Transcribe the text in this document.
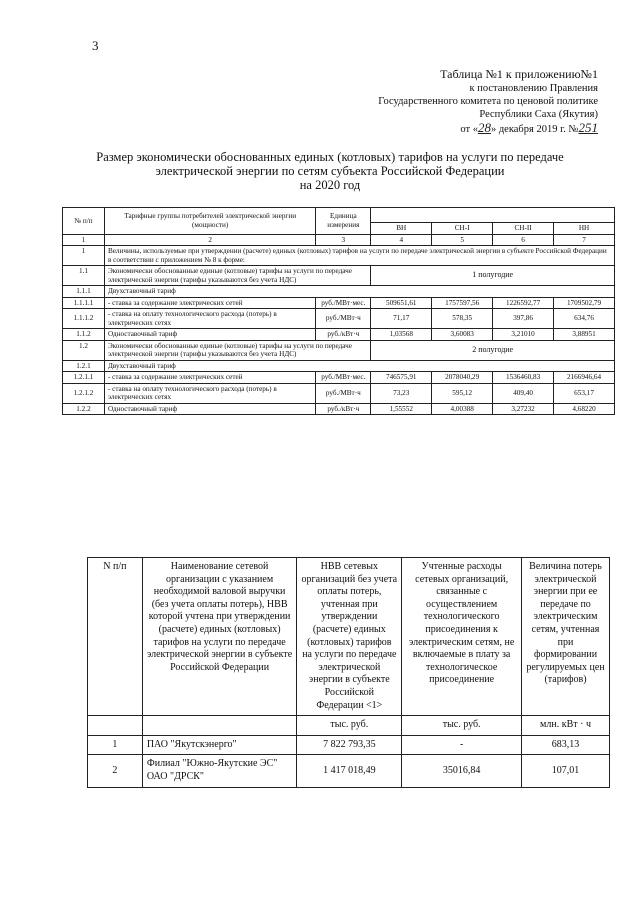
3
Таблица №1 к приложению№1
к постановлению Правления
Государственного комитета по ценовой политике
Республики Саха (Якутия)
от «28» декабря 2019 г. №251
Размер экономически обоснованных единых (котловых) тарифов на услуги по передаче
электрической энергии по сетям субъекта Российской Федерации
на 2020 год
№ п/п	Тарифные группы потребителей электрической энергии (мощности)	Единица измерения				
			ВН	СН-I	СН-II	НН
1	2	3	4	5	6	7
1	Величины, используемые при утверждении (расчете) единых (котловых) тарифов на услуги по передаче электрической энергии в субъекте Российской Федерации в соответствии с приложением № 8 к форме:					
1.1	Экономически обоснованные единые (котловые) тарифы на услуги по передаче электрической энергии (тарифы указываются без учета НДС)		1 полугодие			
1.1.1	Двухставочный тариф					
1.1.1.1	- ставка за содержание электрических сетей	руб./МВт·мес.	509651,61	1757597,56	1226592,77	1709502,79
1.1.1.2	- ставка на оплату технологического расхода (потерь) в электрических сетях	руб./МВт·ч	71,17	578,35	397,86	634,76
1.1.2	Одноставочный тариф	руб./кВт·ч	1,03568	3,60083	3,21010	3,88951
1.2	Экономически обоснованные единые (котловые) тарифы на услуги по передаче электрической энергии (тарифы указываются без учета НДС)		2 полугодие			
1.2.1	Двухставочный тариф					
1.2.1.1	- ставка за содержание электрических сетей	руб./МВт·мес.	746575,91	2078040,29	1536460,83	2166946,64
1.2.1.2	- ставка на оплату технологического расхода (потерь) в электрических сетях	руб./МВт·ч	73,23	595,12	409,40	653,17
1.2.2	Одноставочный тариф	руб./кВт·ч	1,55552	4,00388	3,27232	4,68220
N п/п	Наименование сетевой организации с указанием необходимой валовой выручки (без учета оплаты потерь), НВВ которой учтена при утверждении (расчете) единых (котловых) тарифов на услуги по передаче электрической энергии в субъекте Российской Федерации	НВВ сетевых организаций без учета оплаты потерь, учтенная при утверждении (расчете) единых (котловых) тарифов на услуги по передаче электрической энергии в субъекте Российской Федерации <1>	Учтенные расходы сетевых организаций, связанные с осуществлением технологического присоединения к электрическим сетям, не включаемые в плату за технологическое присоединение	Величина потерь электрической энергии при ее передаче по электрическим сетям, учтенная при формировании регулируемых цен (тарифов)
		тыс. руб.	тыс. руб.	млн. кВт · ч
1	ПАО "Якутскэнерго"	7 822 793,35	-	683,13
2	Филиал "Южно-Якутские ЭС" ОАО "ДРСК"	1 417 018,49	35016,84	107,01
